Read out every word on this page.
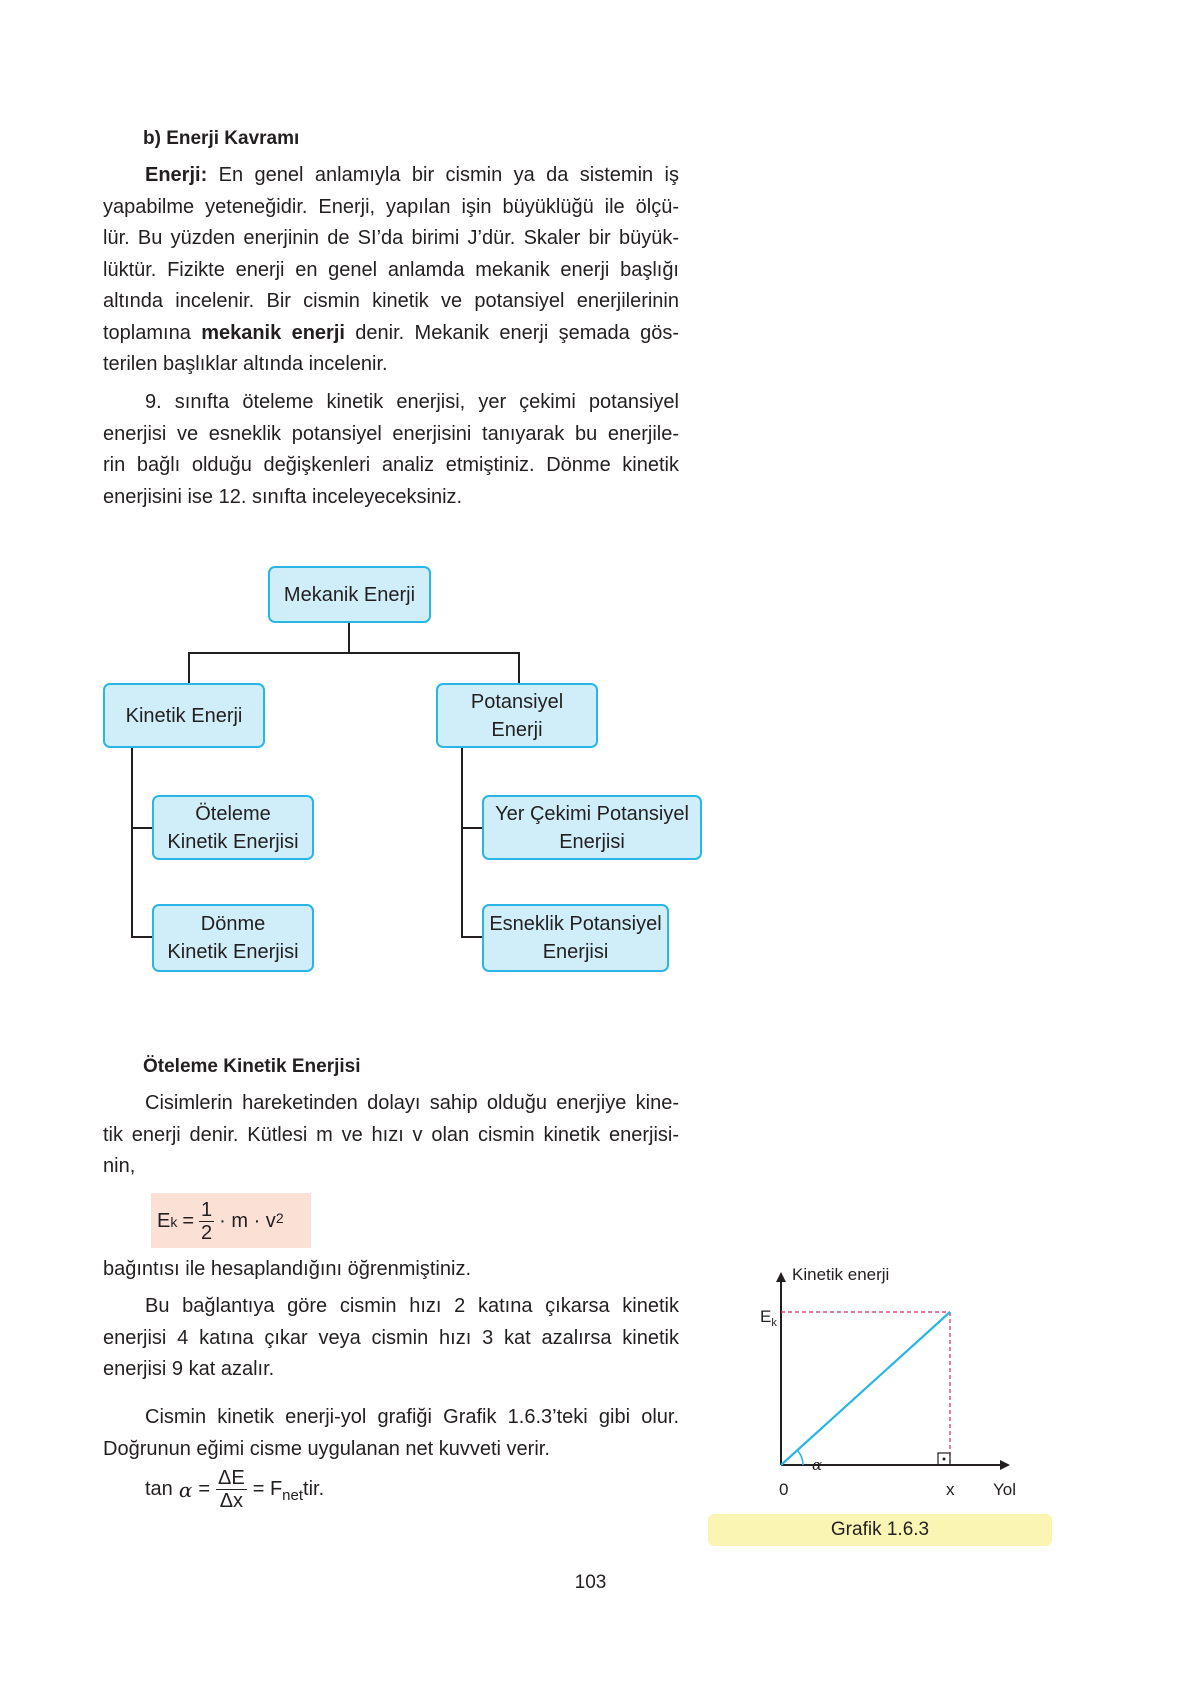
b) Enerji Kavramı
Enerji: En genel anlamıyla bir cismin ya da sistemin iş
yapabilme yeteneğidir. Enerji, yapılan işin büyüklüğü ile ölçü-
lür. Bu yüzden enerjinin de SI’da birimi J’dür. Skaler bir büyük-
lüktür. Fizikte enerji en genel anlamda mekanik enerji başlığı
altında incelenir. Bir cismin kinetik ve potansiyel enerjilerinin
toplamına mekanik enerji denir. Mekanik enerji şemada gös-
terilen başlıklar altında incelenir.
9. sınıfta öteleme kinetik enerjisi, yer çekimi potansiyel
enerjisi ve esneklik potansiyel enerjisini tanıyarak bu enerjile-
rin bağlı olduğu değişkenleri analiz etmiştiniz. Dönme kinetik
enerjisini ise 12. sınıfta inceleyeceksiniz.
Mekanik Enerji
Kinetik Enerji
Potansiyel
Enerji
Öteleme
Kinetik Enerjisi
Dönme
Kinetik Enerjisi
Yer Çekimi Potansiyel
Enerjisi
Esneklik Potansiyel
Enerjisi
Öteleme Kinetik Enerjisi
Cisimlerin hareketinden dolayı sahip olduğu enerjiye kine-
tik enerji denir. Kütlesi m ve hızı v olan cismin kinetik enerjisi-
nin,
E $k = \frac{1}{2} \cdot m \cdot v^2$
bağıntısı ile hesaplandığını öğrenmiştiniz.
Bu bağlantıya göre cismin hızı 2 katına çıkarsa kinetik
enerjisi 4 katına çıkar veya cismin hızı 3 kat azalırsa kinetik
enerjisi 9 kat azalır.
Cismin kinetik enerji-yol grafiği Grafik 1.6.3’teki gibi olur.
Doğrunun eğimi cisme uygulanan net kuvveti verir.
$\tan \alpha = \frac{\Delta E}{\Delta x} = F_{net}$ tir.
Kinetik enerji
$E_k$
0	x Yol
α
Grafik 1.6.3
103
